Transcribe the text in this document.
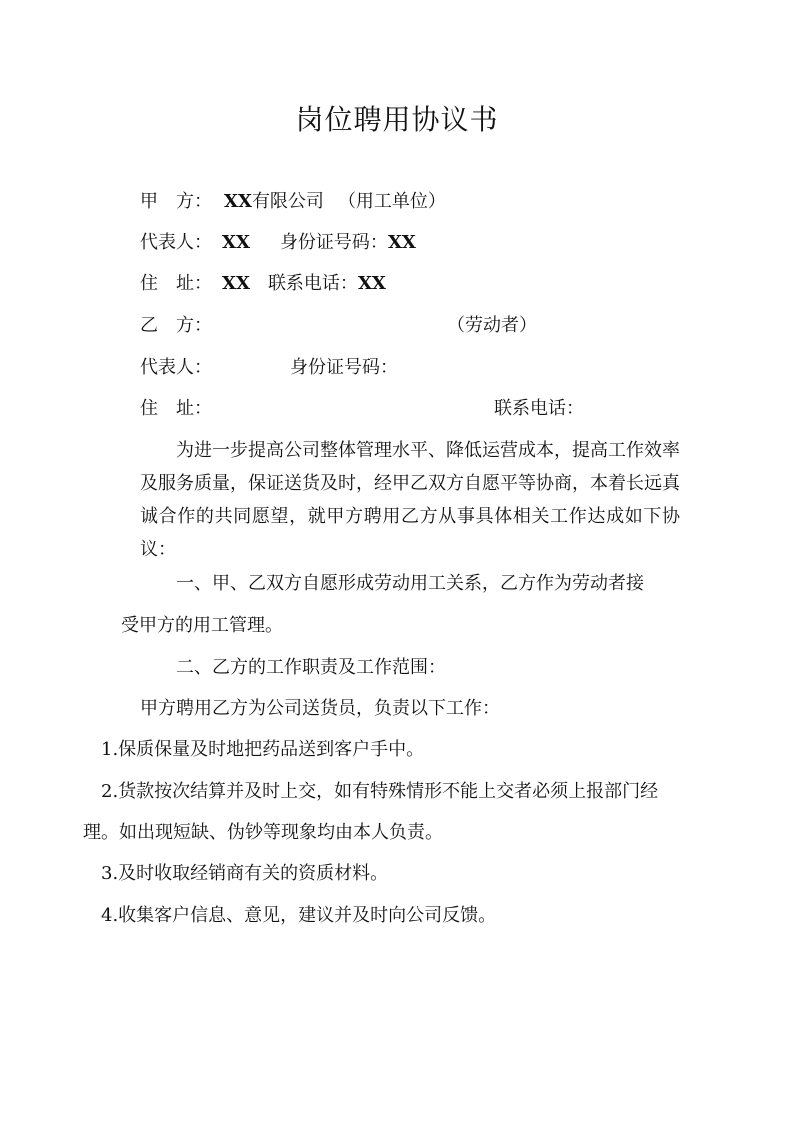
岗位聘用协议书
甲　方： XX有限公司 （用工单位）
代表人： XX 身份证号码：XX
住　址： XX 联系电话：XX
乙　方：	（劳动者）
代表人：	身份证号码：
住　址：	联系电话：
为进一步提高公司整体管理水平、降低运营成本，提高工作效率及服务质量，保证送货及时，经甲乙双方自愿平等协商，本着长远真诚合作的共同愿望，就甲方聘用乙方从事具体相关工作达成如下协议：
一、甲、乙双方自愿形成劳动用工关系，乙方作为劳动者接
受甲方的用工管理。
二、乙方的工作职责及工作范围：
甲方聘用乙方为公司送货员，负责以下工作：
1.保质保量及时地把药品送到客户手中。
2.货款按次结算并及时上交，如有特殊情形不能上交者必须上报部门经
理。如出现短缺、伪钞等现象均由本人负责。
3.及时收取经销商有关的资质材料。
4.收集客户信息、意见，建议并及时向公司反馈。
